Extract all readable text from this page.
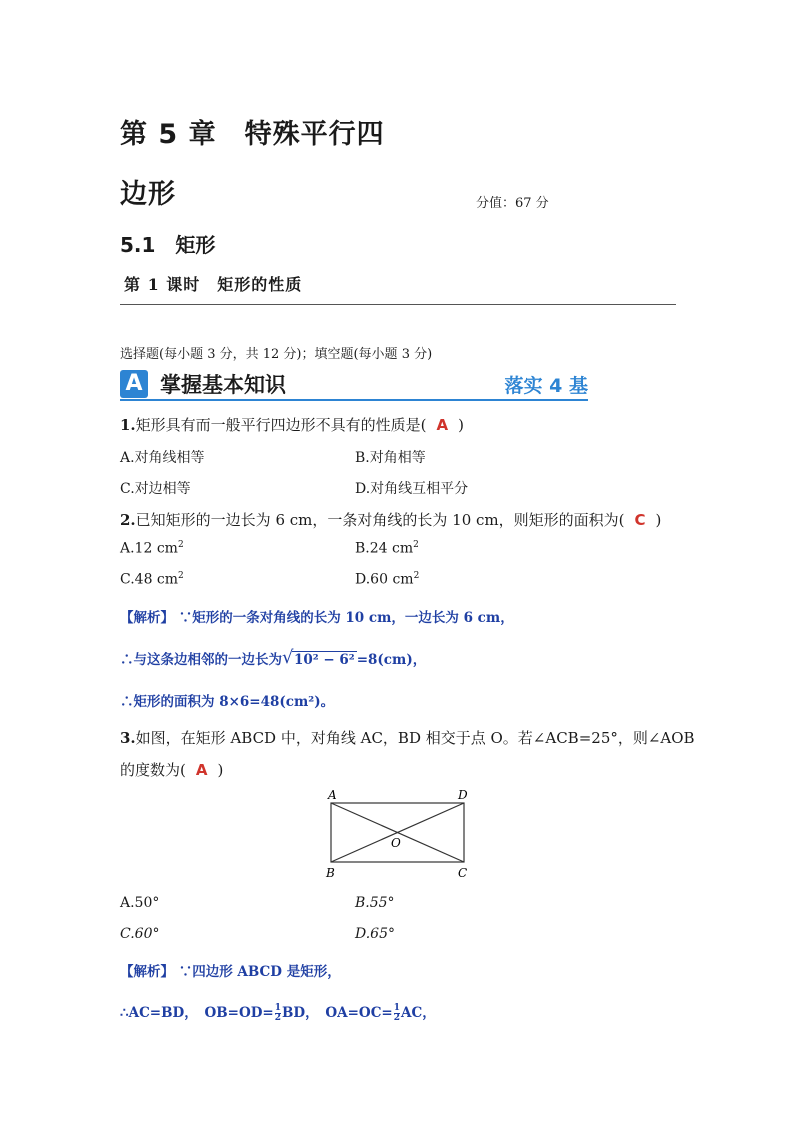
第 5 章　特殊平行四
边形	分值：67 分
5.1　矩形
第 1 课时　矩形的性质
选择题(每小题 3 分，共 12 分)；填空题(每小题 3 分)
A 掌握基本知识	落实 4 基
1.矩形具有而一般平行四边形不具有的性质是( A )
A.对角线相等	B.对角相等
C.对边相等	D.对角线互相平分
2.已知矩形的一边长为 6 cm，一条对角线的长为 10 cm，则矩形的面积为( C )
A.12 $cm^2$	B.24 $cm^2$
C.48 $cm^2$	D.60 $cm^2$
【解析】 ∵矩形的一条对角线的长为 10 cm，一边长为 6 cm，
∴与这条边相邻的一边长为 √ 10² − 6² =8(cm)，
∴矩形的面积为 8×6=48(cm²)。
3.如图，在矩形 ABCD 中，对角线 AC，BD 相交于点 O。若∠ACB=25°，则∠AOB
的度数为( A )
A	D
B	C
O
A.50°	B.55°
C.60°	D.65°
【解析】 ∵四边形 ABCD 是矩形，
∴AC=BD，　$OB=OD= \frac{1}{2}$ BD，　$OA=OC= \frac{1}{2}$ AC，
